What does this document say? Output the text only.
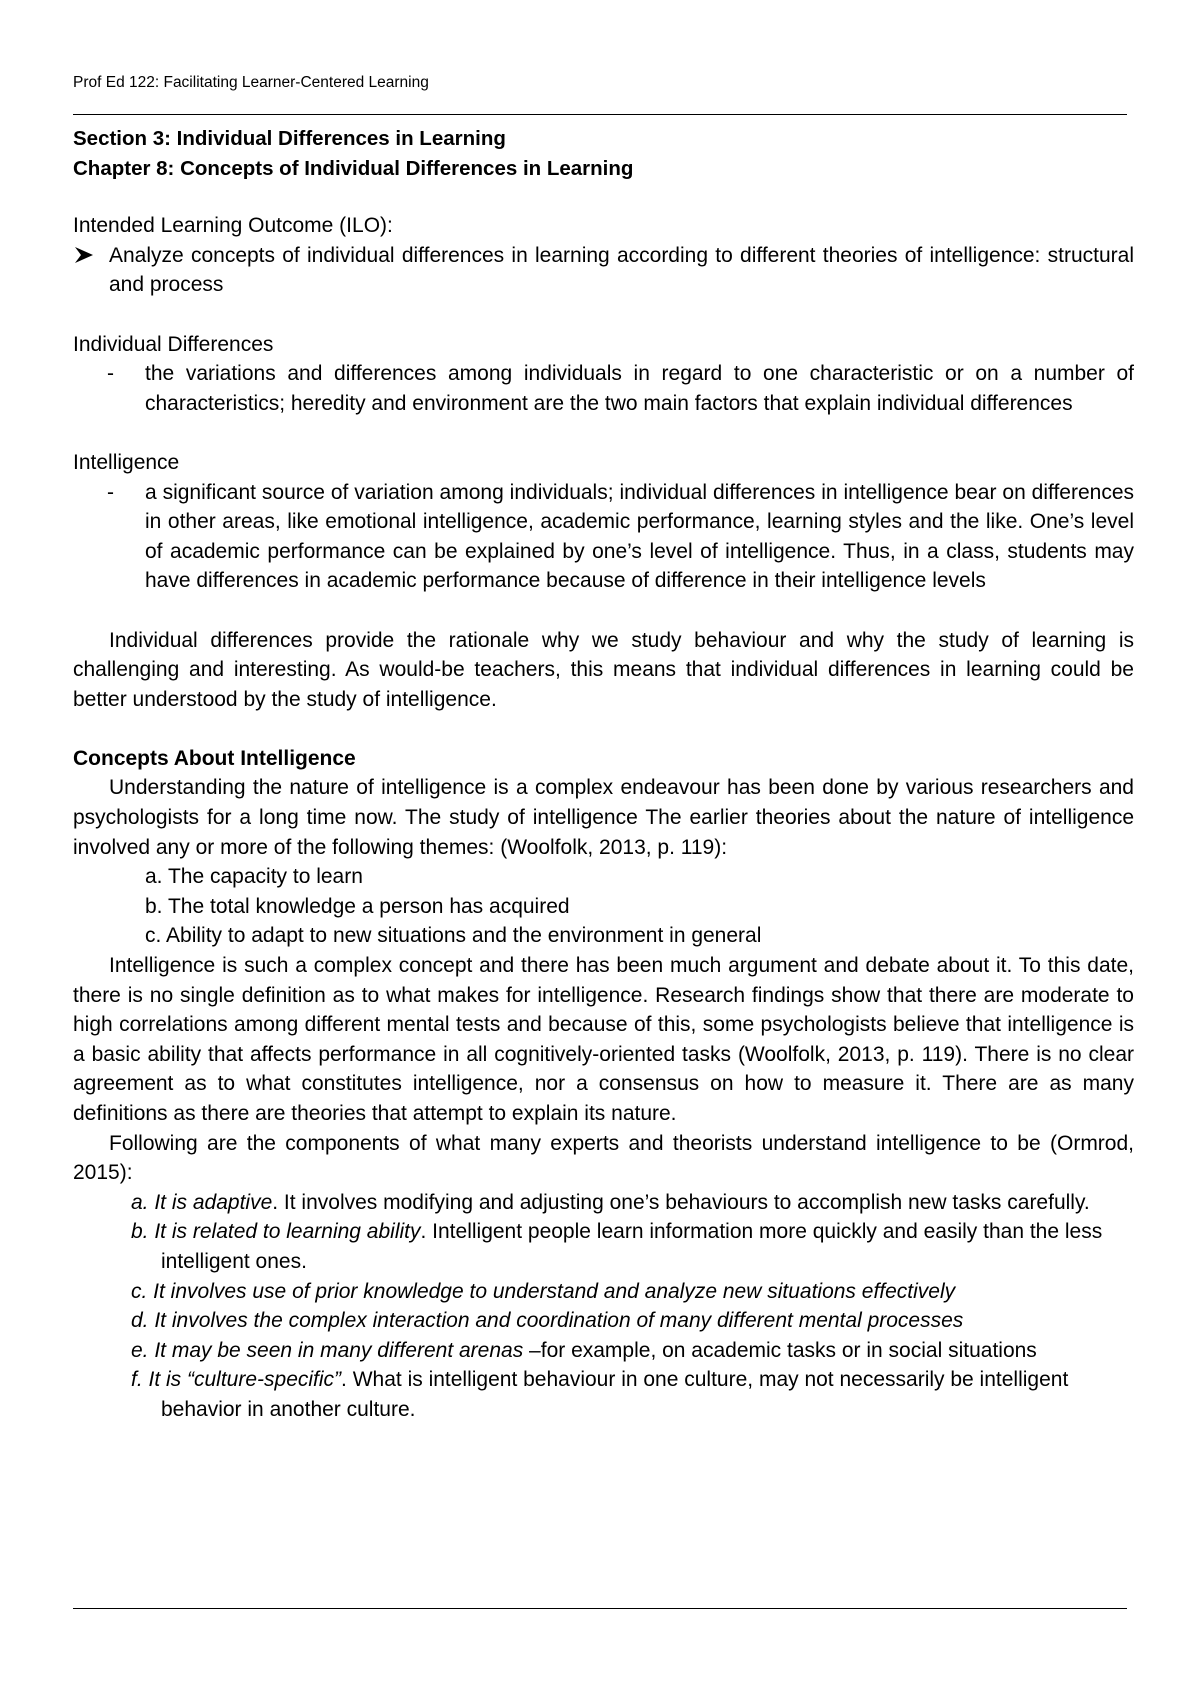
Prof Ed 122: Facilitating Learner-Centered Learning
Section 3: Individual Differences in Learning
Chapter 8: Concepts of Individual Differences in Learning
Intended Learning Outcome (ILO):
Analyze concepts of individual differences in learning according to different theories of intelligence: structural and process
Individual Differences
- the variations and differences among individuals in regard to one characteristic or on a number of characteristics; heredity and environment are the two main factors that explain individual differences
Intelligence
- a significant source of variation among individuals; individual differences in intelligence bear on differences in other areas, like emotional intelligence, academic performance, learning styles and the like. One’s level of academic performance can be explained by one’s level of intelligence. Thus, in a class, students may have differences in academic performance because of difference in their intelligence levels
Individual differences provide the rationale why we study behaviour and why the study of learning is challenging and interesting. As would-be teachers, this means that individual differences in learning could be better understood by the study of intelligence.
Concepts About Intelligence
Understanding the nature of intelligence is a complex endeavour has been done by various researchers and psychologists for a long time now. The study of intelligence The earlier theories about the nature of intelligence involved any or more of the following themes: (Woolfolk, 2013, p. 119):
a. The capacity to learn
b. The total knowledge a person has acquired
c. Ability to adapt to new situations and the environment in general
Intelligence is such a complex concept and there has been much argument and debate about it. To this date, there is no single definition as to what makes for intelligence. Research findings show that there are moderate to high correlations among different mental tests and because of this, some psychologists believe that intelligence is a basic ability that affects performance in all cognitively-oriented tasks (Woolfolk, 2013, p. 119). There is no clear agreement as to what constitutes intelligence, nor a consensus on how to measure it. There are as many definitions as there are theories that attempt to explain its nature.
Following are the components of what many experts and theorists understand intelligence to be (Ormrod, 2015):
a. It is adaptive. It involves modifying and adjusting one’s behaviours to accomplish new tasks carefully.
b. It is related to learning ability. Intelligent people learn information more quickly and easily than the less intelligent ones.
c. It involves use of prior knowledge to understand and analyze new situations effectively
d. It involves the complex interaction and coordination of many different mental processes
e. It may be seen in many different arenas –for example, on academic tasks or in social situations
f. It is “culture-specific”. What is intelligent behaviour in one culture, may not necessarily be intelligent behavior in another culture.
